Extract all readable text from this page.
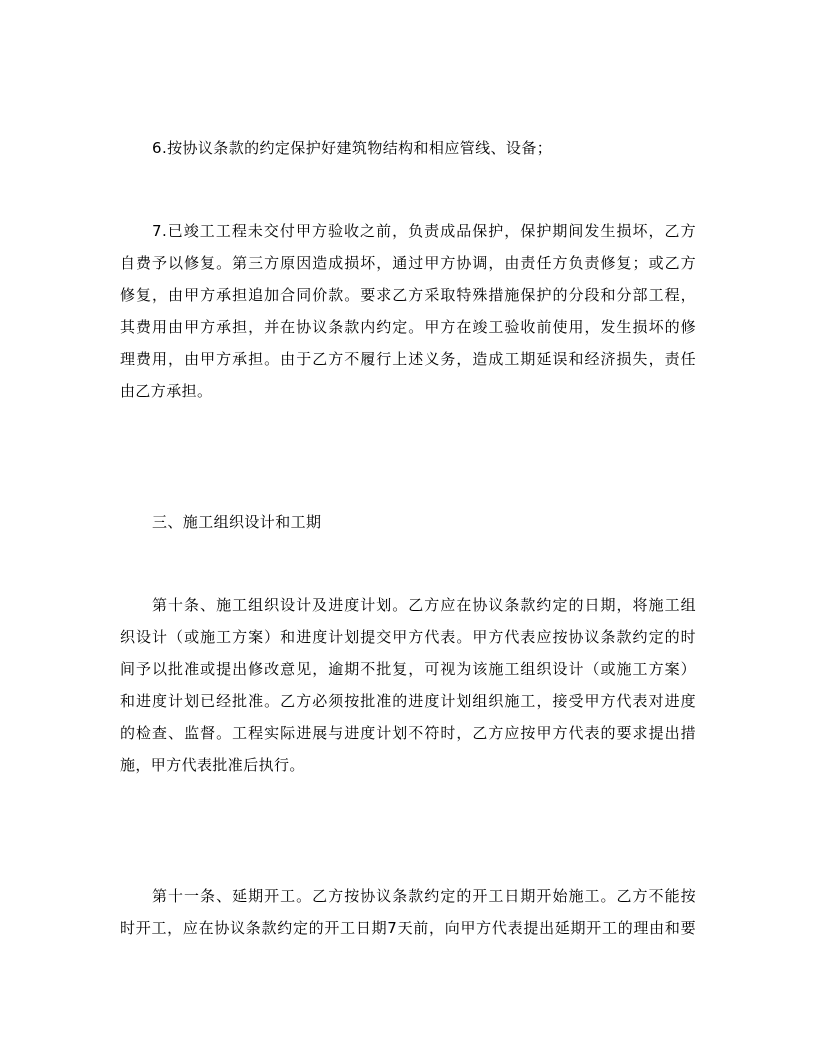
6.按协议条款的约定保护好建筑物结构和相应管线、设备；
7.已竣工工程未交付甲方验收之前，负责成品保护，保护期间发生损坏，乙方
自费予以修复。第三方原因造成损坏，通过甲方协调，由责任方负责修复；或乙方
修复，由甲方承担追加合同价款。要求乙方采取特殊措施保护的分段和分部工程，
其费用由甲方承担，并在协议条款内约定。甲方在竣工验收前使用，发生损坏的修
理费用，由甲方承担。由于乙方不履行上述义务，造成工期延误和经济损失，责任
由乙方承担。
三、施工组织设计和工期
第十条、施工组织设计及进度计划。乙方应在协议条款约定的日期，将施工组
织设计（或施工方案）和进度计划提交甲方代表。甲方代表应按协议条款约定的时
间予以批准或提出修改意见，逾期不批复，可视为该施工组织设计（或施工方案）
和进度计划已经批准。乙方必须按批准的进度计划组织施工，接受甲方代表对进度
的检查、监督。工程实际进展与进度计划不符时，乙方应按甲方代表的要求提出措
施，甲方代表批准后执行。
第十一条、延期开工。乙方按协议条款约定的开工日期开始施工。乙方不能按
时开工，应在协议条款约定的开工日期7天前，向甲方代表提出延期开工的理由和要
